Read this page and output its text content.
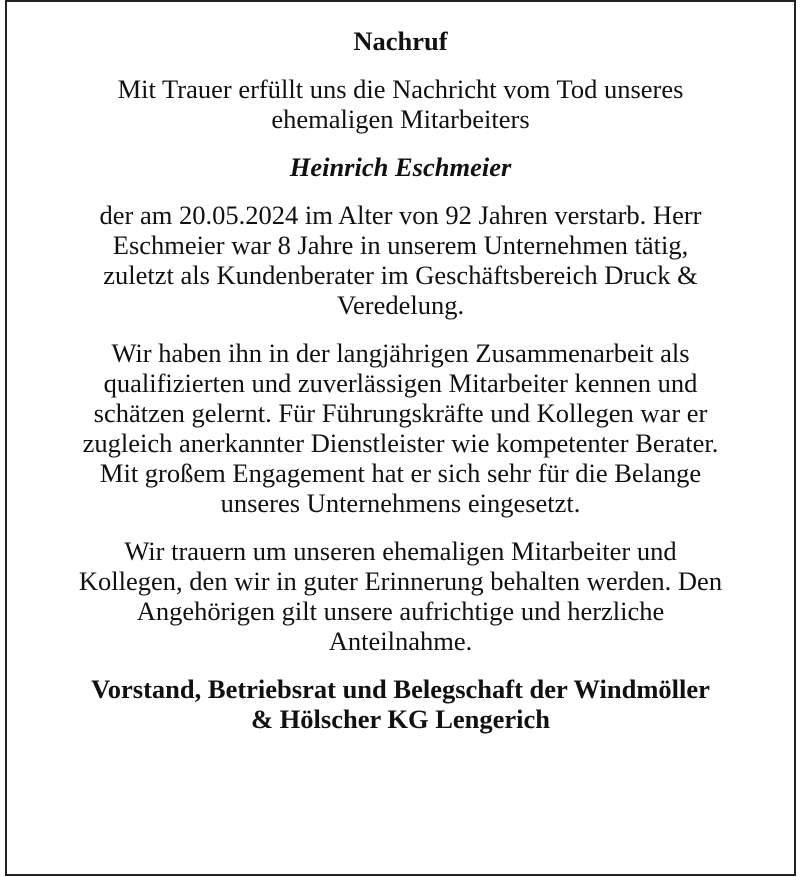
Nachruf

Mit Trauer erfüllt uns die Nachricht vom Tod unseres
ehemaligen Mitarbeiters

Heinrich Eschmeier

der am 20.05.2024 im Alter von 92 Jahren verstarb. Herr
Eschmeier war 8 Jahre in unserem Unternehmen tätig,
zuletzt als Kundenberater im Geschäftsbereich Druck &
Veredelung.

Wir haben ihn in der langjährigen Zusammenarbeit als
qualifizierten und zuverlässigen Mitarbeiter kennen und
schätzen gelernt. Für Führungskräfte und Kollegen war er
zugleich anerkannter Dienstleister wie kompetenter Berater.
Mit großem Engagement hat er sich sehr für die Belange
unseres Unternehmens eingesetzt.

Wir trauern um unseren ehemaligen Mitarbeiter und
Kollegen, den wir in guter Erinnerung behalten werden. Den
Angehörigen gilt unsere aufrichtige und herzliche
Anteilnahme.

Vorstand, Betriebsrat und Belegschaft der Windmöller
& Hölscher KG Lengerich
